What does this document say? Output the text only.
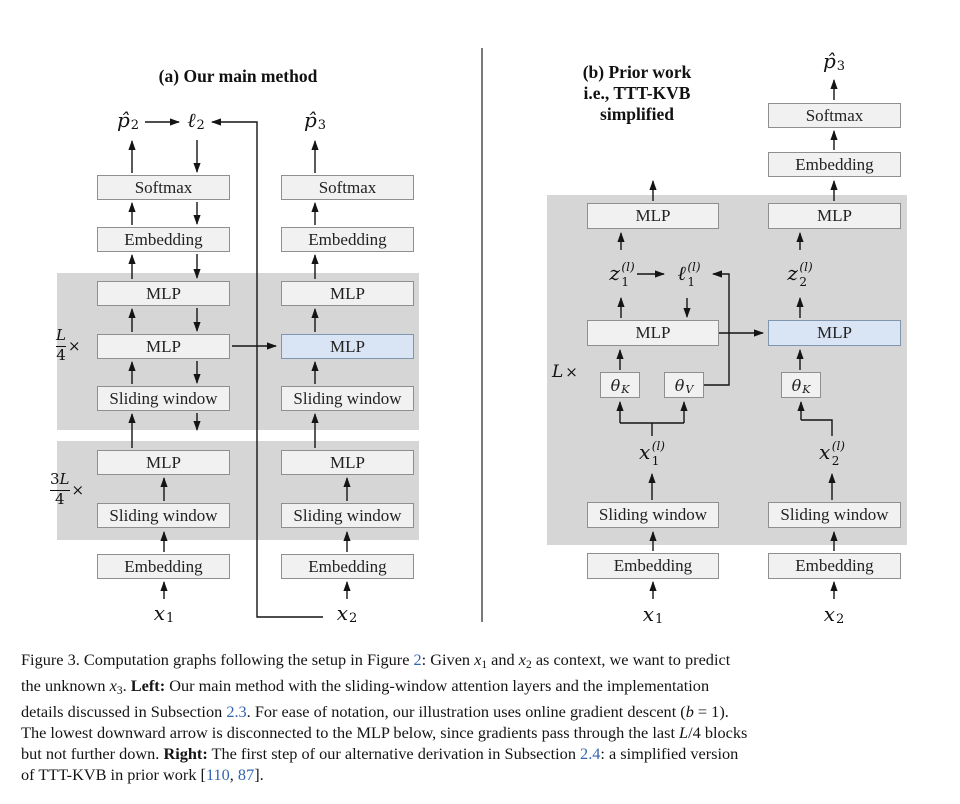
(a) Our main method
p̂ 2 ℓ 2	p̂ 3
Softmax
Embedding
MLP
MLP
Sliding window
MLP
Sliding window
Embedding
Softmax
Embedding
MLP
MLP
Sliding window
MLP
Sliding window
Embedding
$\frac{L}{4}$ ×
$\frac{3L}{4}$ ×
x 1	x 2
(b) Prior work
i.e., TTT-KVB
simplified
p̂ 3
Softmax
Embedding
MLP	MLP
z (l)
1 ℓ (l)
1	z (l)
2
MLP	MLP
L ×
θ K	θ V	θ K
x (l)
1	x (l)
2
Sliding window	Sliding window
Embedding	Embedding
x 1	x 2
Figure 3. Computation graphs following the setup in Figure 2: Given $x_1$ and $x_2$ as context, we want to predict
the unknown $x_3$. Left: Our main method with the sliding-window attention layers and the implementation
details discussed in Subsection 2.3. For ease of notation, our illustration uses online gradient descent (b = 1).
The lowest downward arrow is disconnected to the MLP below, since gradients pass through the last L/4 blocks
but not further down. Right: The first step of our alternative derivation in Subsection 2.4: a simplified version
of TTT-KVB in prior work [110, 87].
